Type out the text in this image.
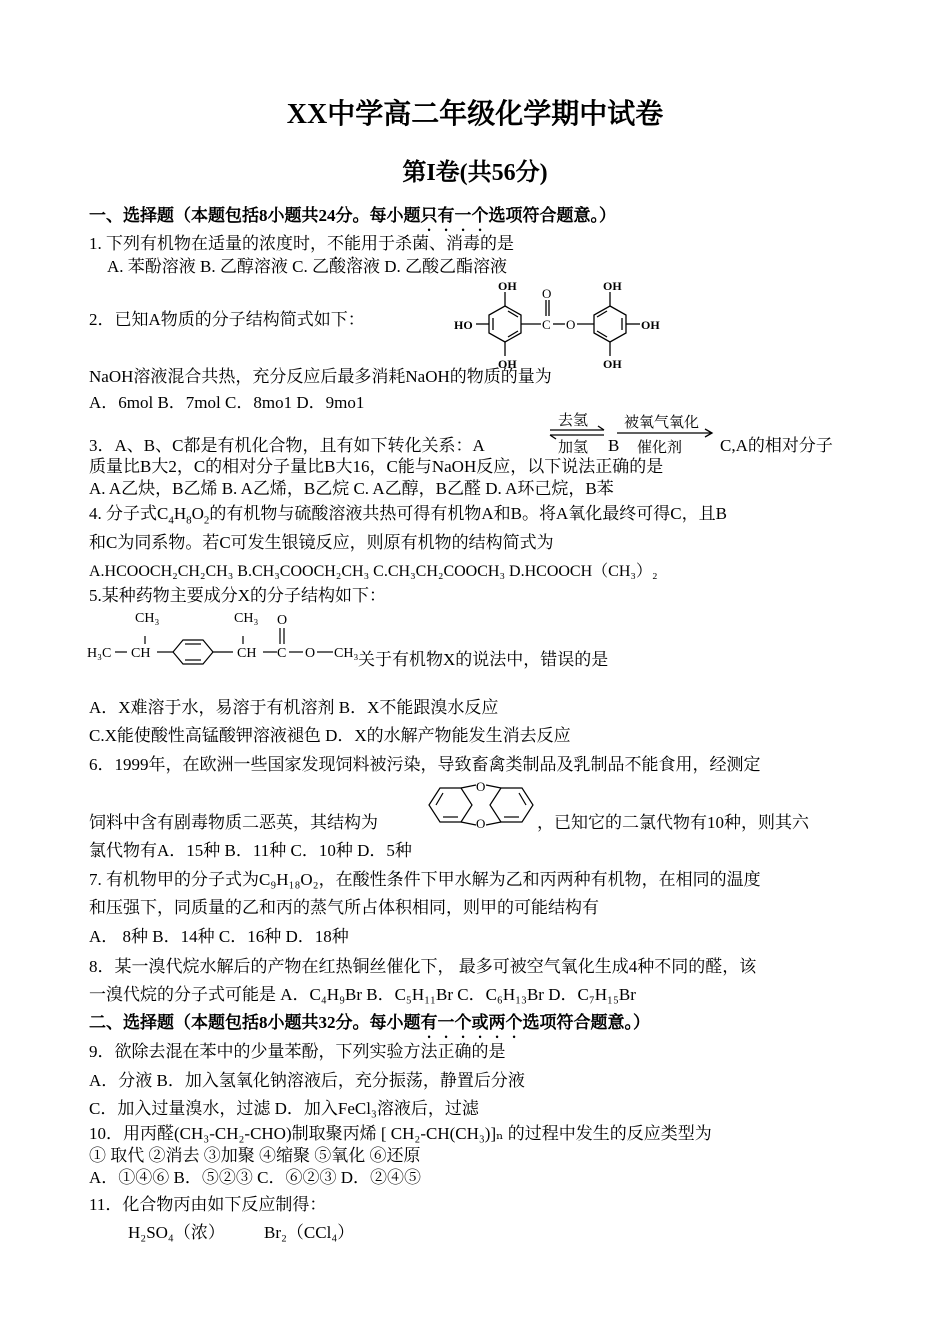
XX中学高二年级化学期中试卷
第I卷(共56分)
一、选择题（本题包括8小题共24分。每小题只有一个选项符合题意。）
1. 下列有机物在适量的浓度时，不能用于杀菌、消毒的是
A. 苯酚溶液 B. 乙醇溶液 C. 乙酸溶液 D. 乙酸乙酯溶液
2．已知A物质的分子结构简式如下：
OH
OH
HO	C
O
O
OH
OH
OH
NaOH溶液混合共热，充分反应后最多消耗NaOH的物质的量为
A．6mol B．7mol C．8mo1 D．9mo1
3．A、B、C都是有机化合物，且有如下转化关系：A
去氢
加氢
被氧气氧化
催化剂
B	C,A的相对分子
质量比B大2，C的相对分子量比B大16，C能与NaOH反应，以下说法正确的是
A. A乙炔，B乙烯 B. A乙烯，B乙烷 C. A乙醇，B乙醛 D. A环己烷，B苯
4. 分子式$C_4H_8O_2$的有机物与硫酸溶液共热可得有机物A和B。将A氧化最终可得C，且B
和C为同系物。若C可发生银镜反应，则原有机物的结构简式为
A.HCOOCH₂CH₂CH₃ B.CH₃COOCH₂CH₃ C.CH₃CH₂COOCH₃ D.HCOOCH（CH₃）₂
5.某种药物主要成分X的分子结构如下：
CH₃
H₃C CH
CH₃
CH C
O
O CH₃ 关于有机物X的说法中，错误的是
A．X难溶于水，易溶于有机溶剂 B．X不能跟溴水反应
C.X能使酸性高锰酸钾溶液褪色 D．X的水解产物能发生消去反应
6．1999年，在欧洲一些国家发现饲料被污染，导致畜禽类制品及乳制品不能食用，经测定
饲料中含有剧毒物质二恶英，其结构为
O
O	，已知它的二氯代物有10种，则其六
氯代物有A．15种 B．11种 C．10种 D．5种
7. 有机物甲的分子式为C₉H₁₈O₂，在酸性条件下甲水解为乙和丙两种有机物，在相同的温度
和压强下，同质量的乙和丙的蒸气所占体积相同，则甲的可能结构有
A． 8种 B．14种 C．16种 D．18种
8．某一溴代烷水解后的产物在红热铜丝催化下， 最多可被空气氧化生成4种不同的醛，该
一溴代烷的分子式可能是 A．C₄H₉Br B．C₅H₁₁Br C．C₆H₁₃Br D．C₇H₁₅Br
二、选择题（本题包括8小题共32分。每小题有一个或两个选项符合题意。）
9．欲除去混在苯中的少量苯酚，下列实验方法正确的是
A．分液 B．加入氢氧化钠溶液后，充分振荡，静置后分液
C．加入过量溴水，过滤 D．加入FeCl₃溶液后，过滤
10．用丙醛(CH₃-CH₂-CHO)制取聚丙烯 [ CH₂-CH(CH₃)]ₙ 的过程中发生的反应类型为
① 取代 ②消去 ③加聚 ④缩聚 ⑤氧化 ⑥还原
A．①④⑥ B．⑤②③ C．⑥②③ D．②④⑤
11．化合物丙由如下反应制得：
H₂SO₄（浓） Br₂（CCl₄）
